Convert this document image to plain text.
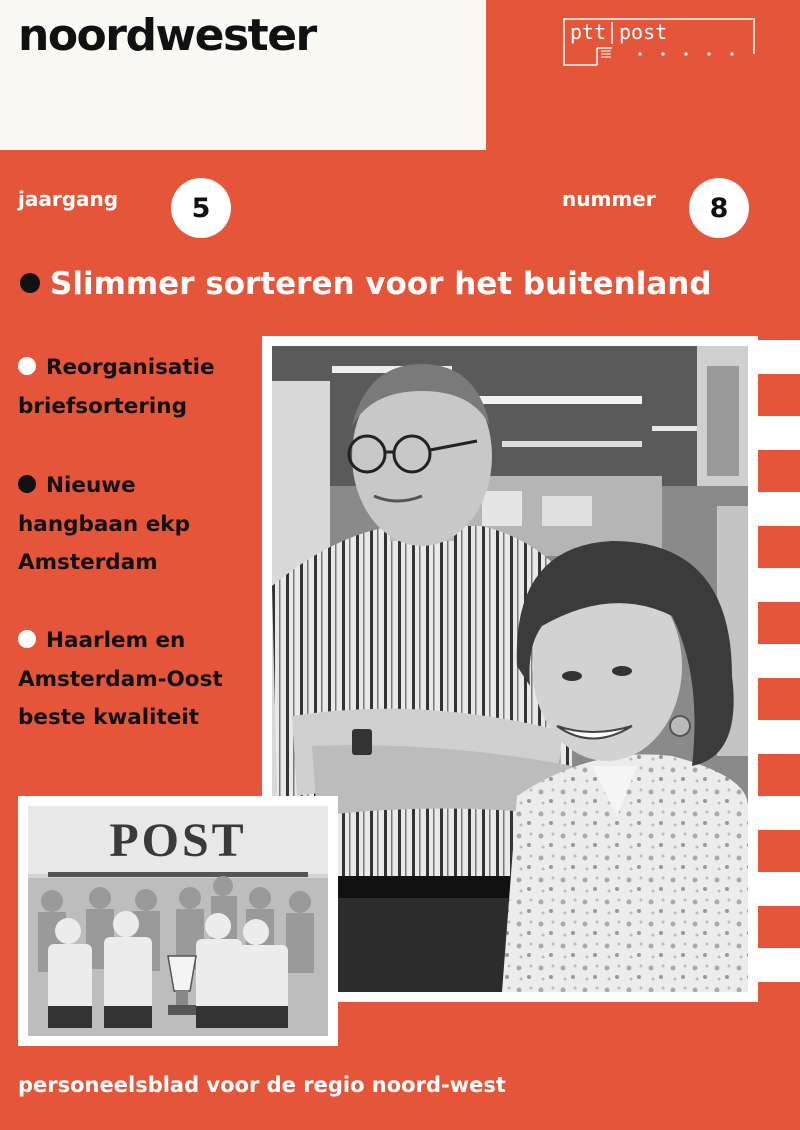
noordwester	ptt post

jaargang	5	nummer 8
Slimmer sorteren voor het buitenland

Reorganisatie
briefsortering

Nieuwe
hangbaan ekp
Amsterdam

Haarlem en
Amsterdam-Oost
beste kwaliteit

POST

personeelsblad voor de regio noord-west
